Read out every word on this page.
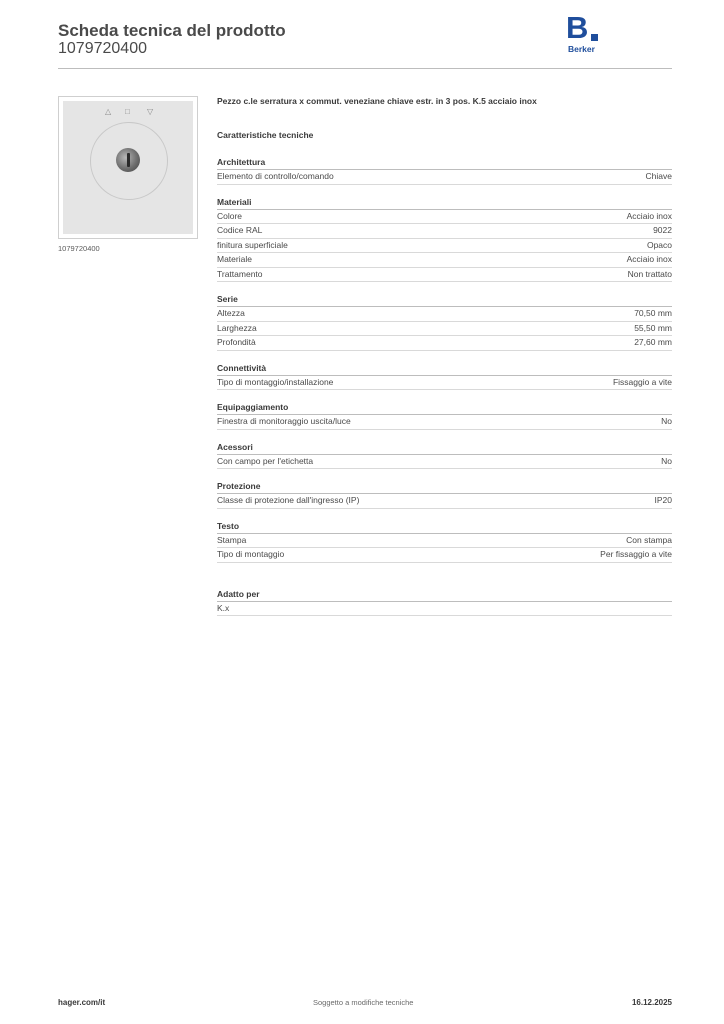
Scheda tecnica del prodotto
1079720400
B
Berker
△ □ ▽
1079720400
Pezzo c.le serratura x commut. veneziane chiave estr. in 3 pos. K.5 acciaio inox
Caratteristiche tecniche
Architettura
Elemento di controllo/comando	Chiave
Materiali
Colore	Acciaio inox
Codice RAL	9022
finitura superficiale	Opaco
Materiale	Acciaio inox
Trattamento	Non trattato
Serie
Altezza	70,50 mm
Larghezza	55,50 mm
Profondità	27,60 mm
Connettività
Tipo di montaggio/installazione	Fissaggio a vite
Equipaggiamento
Finestra di monitoraggio uscita/luce	No
Acessori
Con campo per l'etichetta	No
Protezione
Classe di protezione dall'ingresso (IP)	IP20
Testo
Stampa	Con stampa
Tipo di montaggio	Per fissaggio a vite
Adatto per
K.x
hager.com/it	Soggetto a modifiche tecniche	16.12.2025
